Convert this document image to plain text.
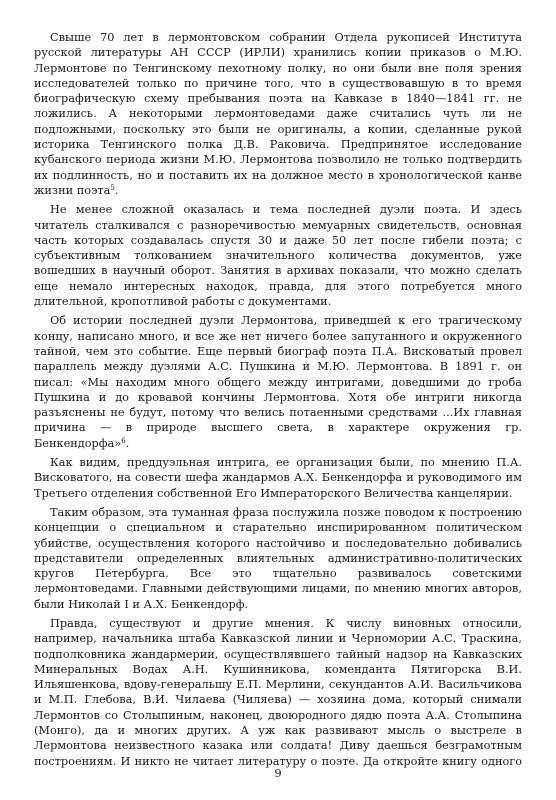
Свыше 70 лет в лермонтовском собрании Отдела рукописей Института русской литературы АН СССР (ИРЛИ) хранились копии приказов о М.Ю. Лермонтове по Тенгинскому пехотному полку, но они были вне поля зрения исследователей только по причине того, что в существовавшую в то время биографическую схему пребывания поэта на Кавказе в 1840—1841 гг. не ложились. А некоторыми лермонтоведами даже считались чуть ли не подложными, поскольку это были не оригиналы, а копии, сделанные рукой историка Тенгинского полка Д.В. Раковича. Предпринятое исследование кубанского периода жизни М.Ю. Лермонтова позволило не только подтвердить их подлинность, но и поставить их на должное место в хронологической канве жизни поэта$^5$.

Не менее сложной оказалась и тема последней дуэли поэта. И здесь читатель сталкивался с разноречивостью мемуарных свидетельств, основная часть которых создавалась спустя 30 и даже 50 лет после гибели поэта; с субъективным толкованием значительного количества документов, уже вошедших в научный оборот. Занятия в архивах показали, что можно сделать еще немало интересных находок, правда, для этого потребуется много длительной, кропотливой работы с документами.

Об истории последней дуэли Лермонтова, приведшей к его трагическому концу, написано много, и все же нет ничего более запутанного и окруженного тайной, чем это событие. Еще первый биограф поэта П.А. Висковатый провел параллель между дуэлями А.С. Пушкина и М.Ю. Лермонтова. В 1891 г. он писал: «Мы находим много общего между интригами, доведшими до гроба Пушкина и до кровавой кончины Лермонтова. Хотя обе интриги никогда разъяснены не будут, потому что велись потаенными средствами ...Их главная причина — в природе высшего света, в характере окружения гр. Бенкендорфа»$^6$.

Как видим, преддуэльная интрига, ее организация были, по мнению П.А. Висковатого, на совести шефа жандармов А.Х. Бенкендорфа и руководимого им Третьего отделения собственной Его Императорского Величества канцелярии.

Таким образом, эта туманная фраза послужила позже поводом к построению концепции о специальном и старательно инспирированном политическом убийстве, осуществления которого настойчиво и последовательно добивались представители определенных влиятельных административно-политических кругов Петербурга. Все это тщательно развивалось советскими лермонтоведами. Главными действующими лицами, по мнению многих авторов, были Николай I и А.Х. Бенкендорф.

Правда, существуют и другие мнения. К числу виновных относили, например, начальника штаба Кавказской линии и Черномории А.С. Траскина, подполковника жандармерии, осуществлявшего тайный надзор на Кавказских Минеральных Водах А.Н. Кушинникова, коменданта Пятигорска В.И. Ильяшенкова, вдову-генеральшу Е.П. Мерлини, секундантов А.И. Васильчикова и М.П. Глебова, В.И. Чилаева (Чиляева) — хозяина дома, который снимали Лермонтов со Столыпиным, наконец, двоюродного дядю поэта А.А. Столыпина (Монго), да и многих других. А уж как развивают мысль о выстреле в Лермонтова неизвестного казака или солдата! Диву даешься безграмотным построениям. И никто не читает литературу о поэте. Да откройте книгу одного

9
